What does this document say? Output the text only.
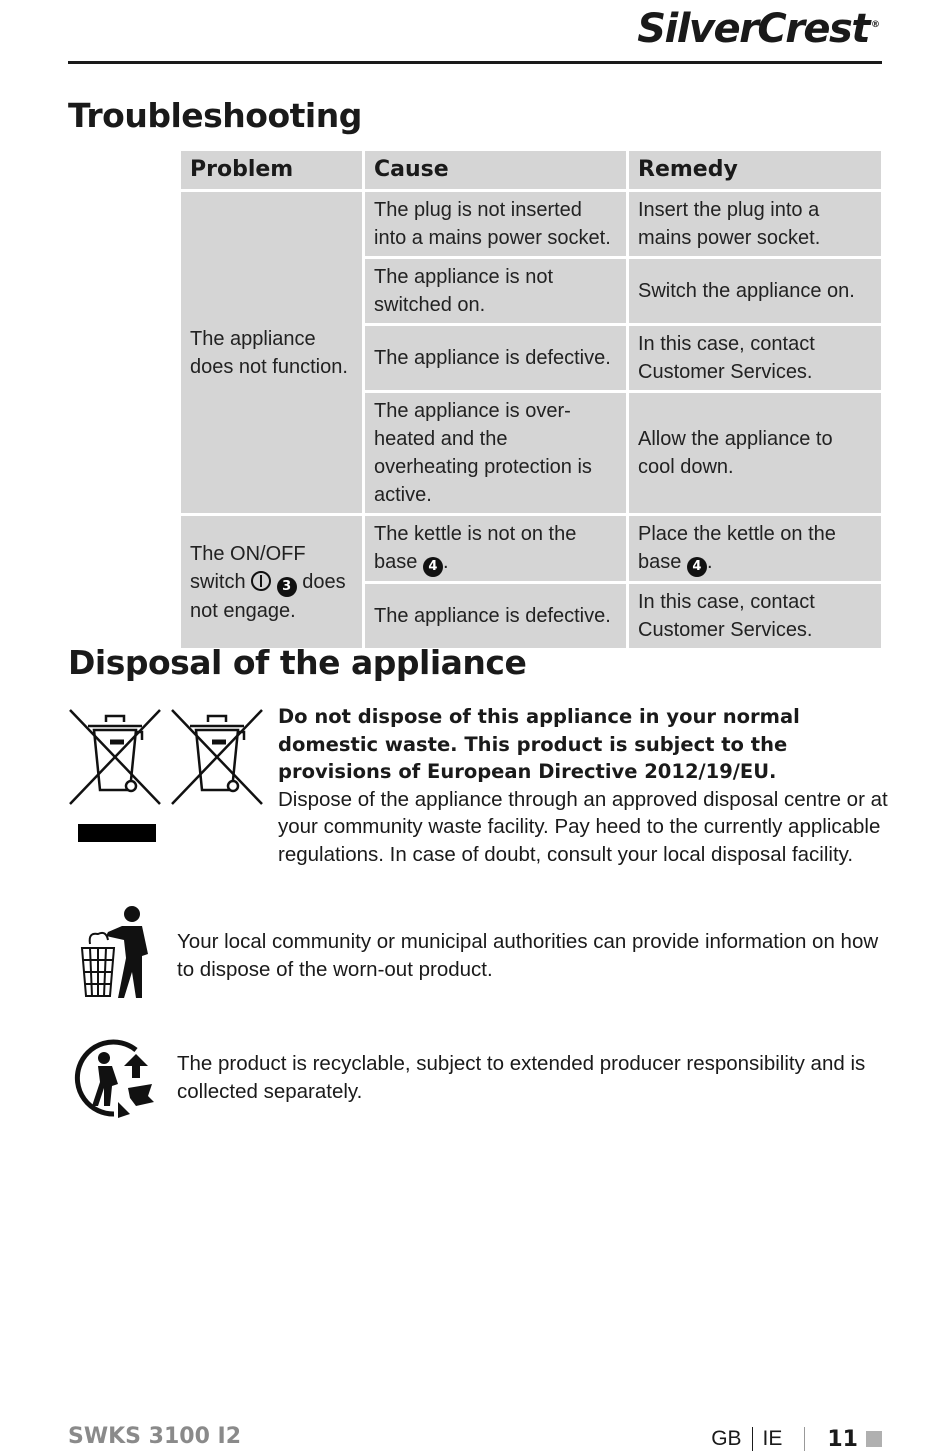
SilverCrest ®
Troubleshooting
Problem	Cause	Remedy
The appliance does not function.	The plug is not inserted into a mains power socket.	Insert the plug into a mains power socket.
	The appliance is not switched on.	Switch the appliance on.
	The appliance is defective.	In this case, contact Customer Services.
	The appliance is over-heated and the overheating protection is active.	Allow the appliance to cool down.
The ON/OFF switch 3 does not engage.	The kettle is not on the base 4 .	Place the kettle on the base 4 .
	The appliance is defective.	In this case, contact Customer Services.
Disposal of the appliance
Do not dispose of this appliance in your normal domestic waste. This product is subject to the provisions of European Directive 2012/19/EU.
Dispose of the appliance through an approved disposal centre or at your community waste facility. Pay heed to the currently applicable regulations. In case of doubt, consult your local disposal facility.
Your local community or municipal authorities can provide information on how to dispose of the worn-out product.
The product is recyclable, subject to extended producer responsibility and is collected separately.
SWKS 3100 I2	GB IE 11
